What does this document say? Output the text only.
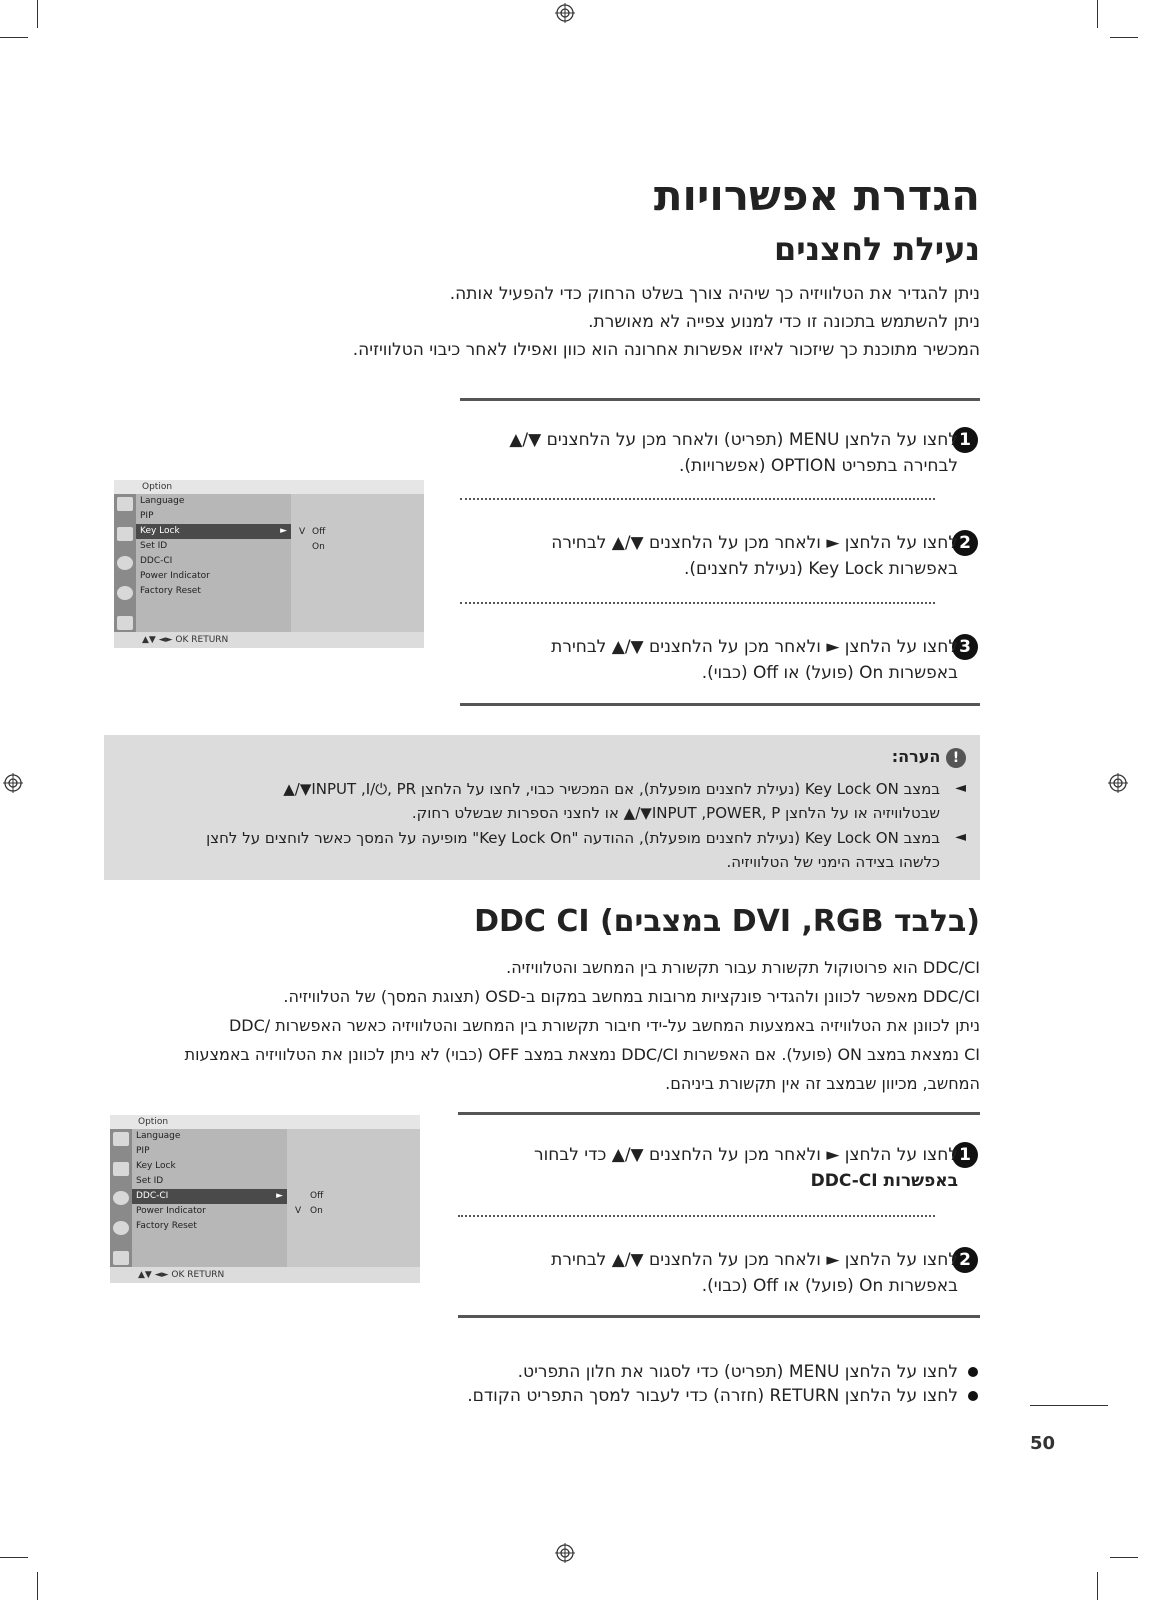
הגדרת אפשרויות
נעילת לחצנים
ניתן להגדיר את הטלוויזיה כך שיהיה צורך בשלט הרחוק כדי להפעיל אותה.
ניתן להשתמש בתכונה זו כדי למנוע צפייה לא מאושרת.
המכשיר מתוכנת כך שיזכור לאיזו אפשרות אחרונה הוא כוון ואפילו לאחר כיבוי הטלוויזיה.
1
לחצו על הלחצן MENU (תפריט) ולאחר מכן על הלחצנים ▼/▲
לבחירה בתפריט OPTION (אפשרויות).
2
לחצו על הלחצן ► ולאחר מכן על הלחצנים ▼/▲ לבחירה
באפשרות Key Lock (נעילת לחצנים).
3
לחצו על הלחצן ► ולאחר מכן על הלחצנים ▼/▲ לבחירת
באפשרות On (פועל) או Off (כבוי).
Option
Language
PIP
Key Lock	►
Set ID
DDC-CI
Power Indicator
Factory Reset
V Off
On
▲▼ ◄► OK RETURN
! הערה:
◄
במצב Key Lock ON (נעילת לחצנים מופעלת), אם המכשיר כבוי, לחצו על הלחצן INPUT ,I/⏻, PR▼/▲
שבטלוויזיה או על הלחצן INPUT ,POWER, P▼/▲ או לחצני הספרות שבשלט רחוק.
◄
במצב Key Lock ON (נעילת לחצנים מופעלת), ההודעה "Key Lock On" מופיעה על המסך כאשר לוחצים על לחצן
כלשהו בצידה הימני של הטלוויזיה.
DDC CI (במצבים DVI ,RGB בלבד)
DDC/CI הוא פרוטוקול תקשורת עבור תקשורת בין המחשב והטלוויזיה.
DDC/CI מאפשר לכוונן ולהגדיר פונקציות מרובות במחשב במקום ב-OSD (תצוגת המסך) של הטלוויזיה.
ניתן לכוונן את הטלוויזיה באמצעות המחשב על-ידי חיבור תקשורת בין המחשב והטלוויזיה כאשר האפשרות /DDC
CI נמצאת במצב ON (פועל). אם האפשרות DDC/CI נמצאת במצב OFF (כבוי) לא ניתן לכוונן את הטלוויזיה באמצעות
המחשב, מכיוון שבמצב זה אין תקשורת ביניהם.
1
לחצו על הלחצן ► ולאחר מכן על הלחצנים ▼/▲ כדי לבחור
באפשרות DDC-CI
2
לחצו על הלחצן ► ולאחר מכן על הלחצנים ▼/▲ לבחירת
באפשרות On (פועל) או Off (כבוי).
Option
Language
PIP
Key Lock
Set ID
DDC-CI	►
Power Indicator
Factory Reset
Off
V On
▲▼ ◄► OK RETURN
לחצו על הלחצן MENU (תפריט) כדי לסגור את חלון התפריט.
לחצו על הלחצן RETURN (חזרה) כדי לעבור למסך התפריט הקודם.
50
